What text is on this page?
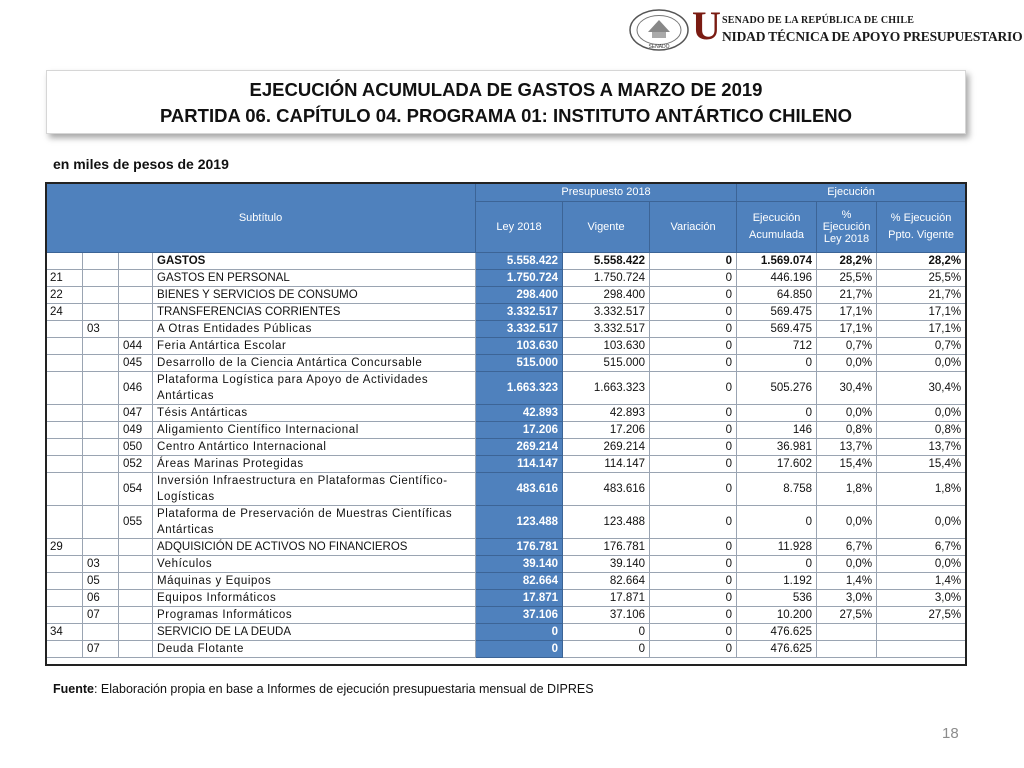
SENADO U SENADO DE LA REPÚBLICA DE CHILE
NIDAD TÉCNICA DE APOYO PRESUPUESTARIO
EJECUCIÓN ACUMULADA DE GASTOS A MARZO DE 2019
PARTIDA 06. CAPÍTULO 04. PROGRAMA 01: INSTITUTO ANTÁRTICO CHILENO
en miles de pesos de 2019
Subtítulo				Presupuesto 2018			Ejecución		
				Ley 2018	Vigente	Variación	Ejecución Acumulada	% Ejecución Ley 2018	% Ejecución Ppto. Vigente
			GASTOS	5.558.422	5.558.422	0	1.569.074	28,2%	28,2%
21			GASTOS EN PERSONAL	1.750.724	1.750.724	0	446.196	25,5%	25,5%
22			BIENES Y SERVICIOS DE CONSUMO	298.400	298.400	0	64.850	21,7%	21,7%
24			TRANSFERENCIAS CORRIENTES	3.332.517	3.332.517	0	569.475	17,1%	17,1%
	03		A Otras Entidades Públicas	3.332.517	3.332.517	0	569.475	17,1%	17,1%
		044	Feria Antártica Escolar	103.630	103.630	0	712	0,7%	0,7%
		045	Desarrollo de la Ciencia Antártica Concursable	515.000	515.000	0	0	0,0%	0,0%
		046	Plataforma Logística para Apoyo de Actividades Antárticas	1.663.323	1.663.323	0	505.276	30,4%	30,4%
		047	Tésis Antárticas	42.893	42.893	0	0	0,0%	0,0%
		049	Aligamiento Científico Internacional	17.206	17.206	0	146	0,8%	0,8%
		050	Centro Antártico Internacional	269.214	269.214	0	36.981	13,7%	13,7%
		052	Áreas Marinas Protegidas	114.147	114.147	0	17.602	15,4%	15,4%
		054	Inversión Infraestructura en Plataformas Científico-Logísticas	483.616	483.616	0	8.758	1,8%	1,8%
		055	Plataforma de Preservación de Muestras Científicas Antárticas	123.488	123.488	0	0	0,0%	0,0%
29			ADQUISICIÓN DE ACTIVOS NO FINANCIEROS	176.781	176.781	0	11.928	6,7%	6,7%
	03		Vehículos	39.140	39.140	0	0	0,0%	0,0%
	05		Máquinas y Equipos	82.664	82.664	0	1.192	1,4%	1,4%
	06		Equipos Informáticos	17.871	17.871	0	536	3,0%	3,0%
	07		Programas Informáticos	37.106	37.106	0	10.200	27,5%	27,5%
34			SERVICIO DE LA DEUDA	0	0	0	476.625		
	07		Deuda Flotante	0	0	0	476.625		
Fuente: Elaboración propia en base a Informes de ejecución presupuestaria mensual de DIPRES
18
